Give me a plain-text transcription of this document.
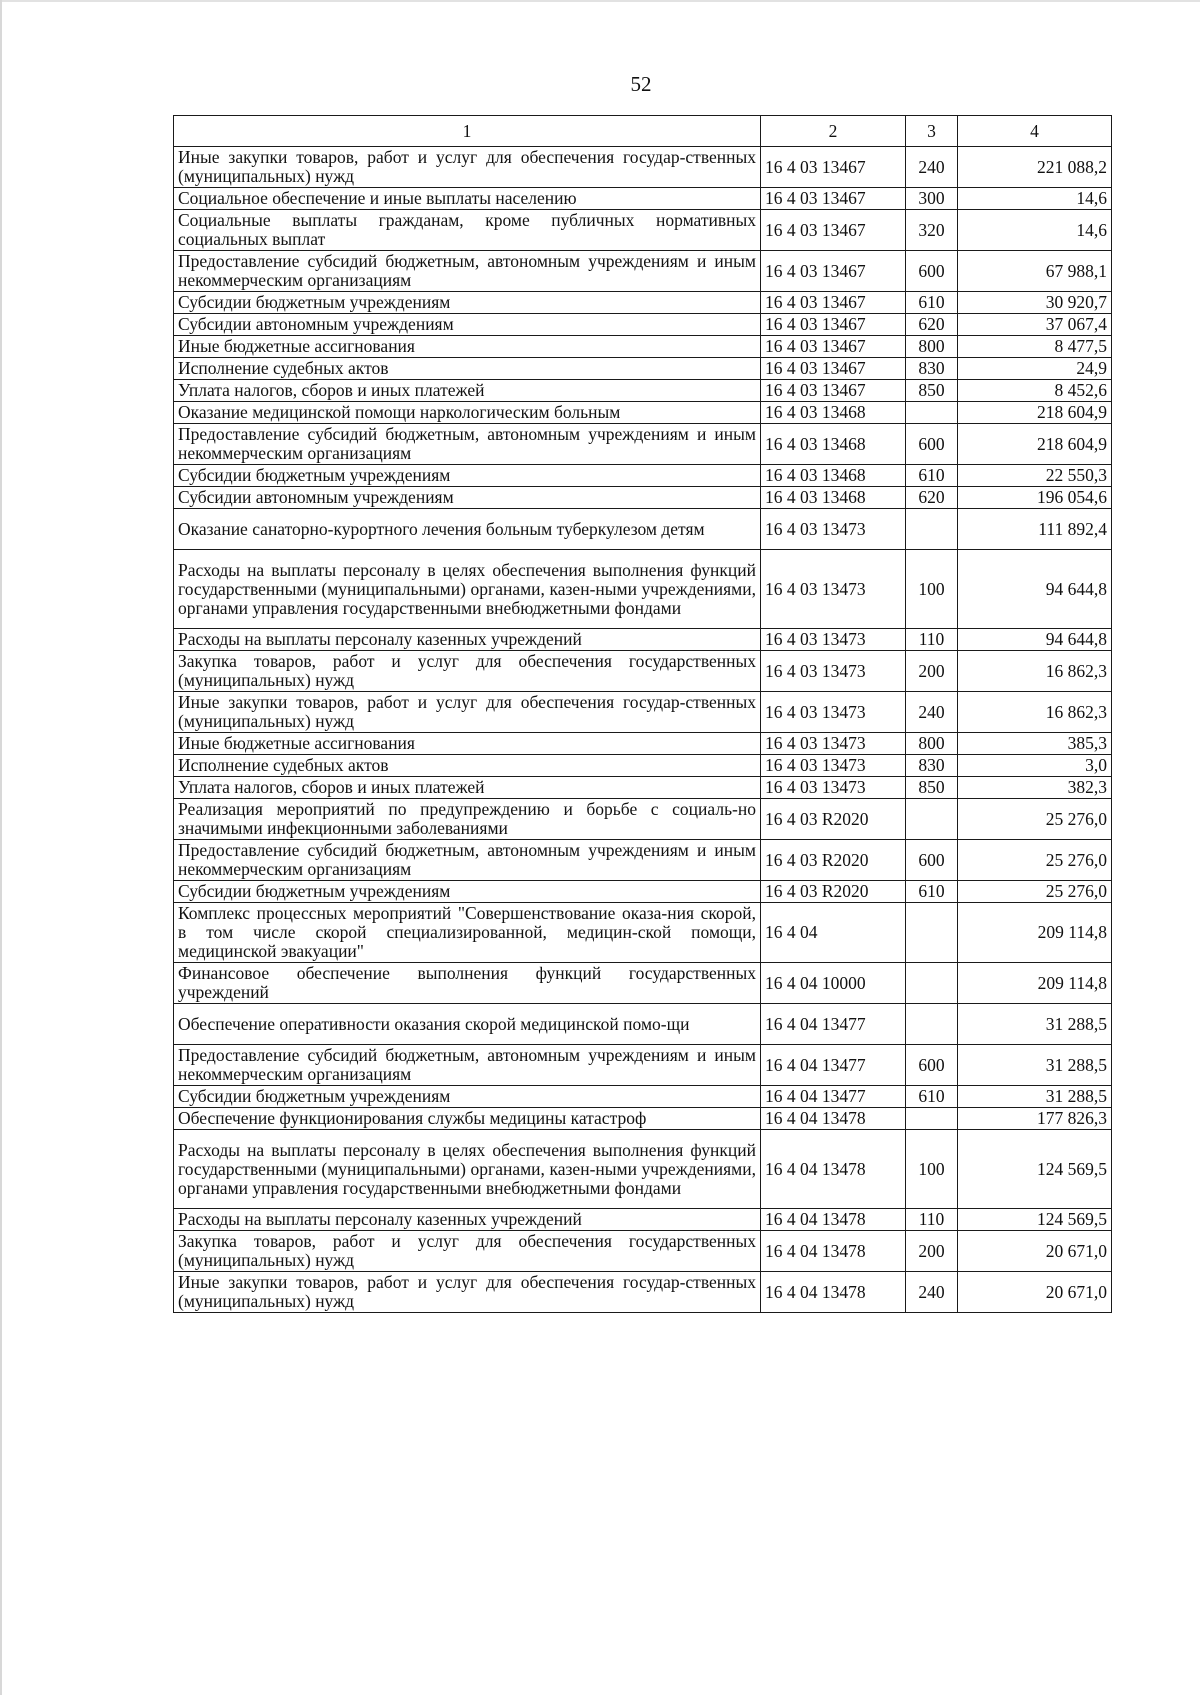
52
1	2	3	4
Иные закупки товаров, работ и услуг для обеспечения государ-ственных (муниципальных) нужд	16 4 03 13467	240	221 088,2
Социальное обеспечение и иные выплаты населению	16 4 03 13467	300	14,6
Социальные выплаты гражданам, кроме публичных нормативных социальных выплат	16 4 03 13467	320	14,6
Предоставление субсидий бюджетным, автономным учреждениям и иным некоммерческим организациям	16 4 03 13467	600	67 988,1
Субсидии бюджетным учреждениям	16 4 03 13467	610	30 920,7
Субсидии автономным учреждениям	16 4 03 13467	620	37 067,4
Иные бюджетные ассигнования	16 4 03 13467	800	8 477,5
Исполнение судебных актов	16 4 03 13467	830	24,9
Уплата налогов, сборов и иных платежей	16 4 03 13467	850	8 452,6
Оказание медицинской помощи наркологическим больным	16 4 03 13468		218 604,9
Предоставление субсидий бюджетным, автономным учреждениям и иным некоммерческим организациям	16 4 03 13468	600	218 604,9
Субсидии бюджетным учреждениям	16 4 03 13468	610	22 550,3
Субсидии автономным учреждениям	16 4 03 13468	620	196 054,6
Оказание санаторно-курортного лечения больным туберкулезом детям	16 4 03 13473		111 892,4
Расходы на выплаты персоналу в целях обеспечения выполнения функций государственными (муниципальными) органами, казен-ными учреждениями, органами управления государственными внебюджетными фондами	16 4 03 13473	100	94 644,8
Расходы на выплаты персоналу казенных учреждений	16 4 03 13473	110	94 644,8
Закупка товаров, работ и услуг для обеспечения государственных (муниципальных) нужд	16 4 03 13473	200	16 862,3
Иные закупки товаров, работ и услуг для обеспечения государ-ственных (муниципальных) нужд	16 4 03 13473	240	16 862,3
Иные бюджетные ассигнования	16 4 03 13473	800	385,3
Исполнение судебных актов	16 4 03 13473	830	3,0
Уплата налогов, сборов и иных платежей	16 4 03 13473	850	382,3
Реализация мероприятий по предупреждению и борьбе с социаль-но значимыми инфекционными заболеваниями	16 4 03 R2020		25 276,0
Предоставление субсидий бюджетным, автономным учреждениям и иным некоммерческим организациям	16 4 03 R2020	600	25 276,0
Субсидии бюджетным учреждениям	16 4 03 R2020	610	25 276,0
Комплекс процессных мероприятий "Совершенствование оказа-ния скорой, в том числе скорой специализированной, медицин-ской помощи, медицинской эвакуации"	16 4 04		209 114,8
Финансовое обеспечение выполнения функций государственных учреждений	16 4 04 10000		209 114,8
Обеспечение оперативности оказания скорой медицинской помо-щи	16 4 04 13477		31 288,5
Предоставление субсидий бюджетным, автономным учреждениям и иным некоммерческим организациям	16 4 04 13477	600	31 288,5
Субсидии бюджетным учреждениям	16 4 04 13477	610	31 288,5
Обеспечение функционирования службы медицины катастроф	16 4 04 13478		177 826,3
Расходы на выплаты персоналу в целях обеспечения выполнения функций государственными (муниципальными) органами, казен-ными учреждениями, органами управления государственными внебюджетными фондами	16 4 04 13478	100	124 569,5
Расходы на выплаты персоналу казенных учреждений	16 4 04 13478	110	124 569,5
Закупка товаров, работ и услуг для обеспечения государственных (муниципальных) нужд	16 4 04 13478	200	20 671,0
Иные закупки товаров, работ и услуг для обеспечения государ-ственных (муниципальных) нужд	16 4 04 13478	240	20 671,0
